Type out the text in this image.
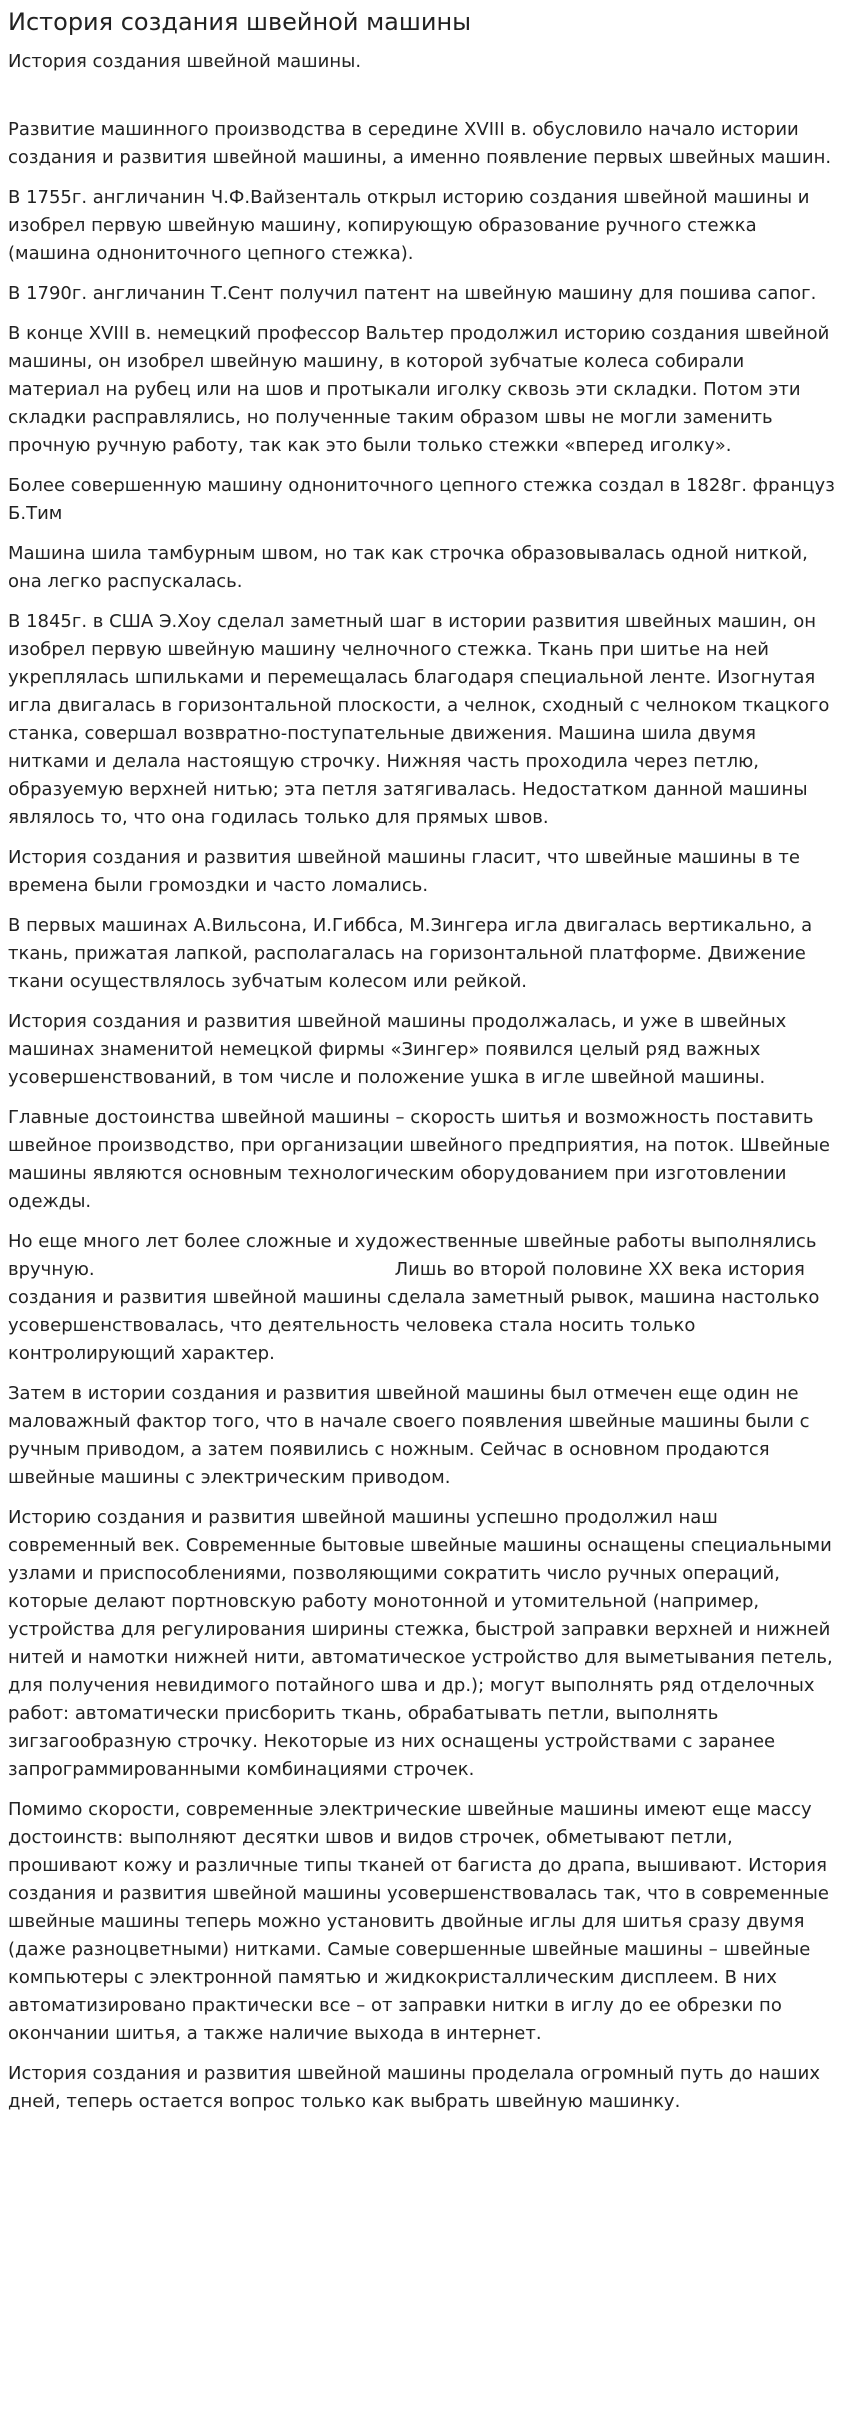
История создания швейной машины

История создания швейной машины.

Развитие машинного производства в середине XVIII в. обусловило начало истории создания и развития швейной машины, а именно появление первых швейных машин.

В 1755г. англичанин Ч.Ф.Вайзенталь открыл историю создания швейной машины и изобрел первую швейную машину, копирующую образование ручного стежка (машина однониточного цепного стежка).

В 1790г. англичанин Т.Сент получил патент на швейную машину для пошива сапог.

В конце XVIII в. немецкий профессор Вальтер продолжил историю создания швейной машины, он изобрел швейную машину, в которой зубчатые колеса собирали материал на рубец или на шов и протыкали иголку сквозь эти складки. Потом эти складки расправлялись, но полученные таким образом швы не могли заменить прочную ручную работу, так как это были только стежки «вперед иголку».

Более совершенную машину однониточного цепного стежка создал в 1828г. француз Б.Тим

Машина шила тамбурным швом, но так как строчка образовывалась одной ниткой, она легко распускалась.

В 1845г. в США Э.Хоу сделал заметный шаг в истории развития швейных машин, он изобрел первую швейную машину челночного стежка. Ткань при шитье на ней укреплялась шпильками и перемещалась благодаря специальной ленте. Изогнутая игла двигалась в горизонтальной плоскости, а челнок, сходный с челноком ткацкого станка, совершал возвратно-поступательные движения. Машина шила двумя нитками и делала настоящую строчку. Нижняя часть проходила через петлю, образуемую верхней нитью; эта петля затягивалась. Недостатком данной машины являлось то, что она годилась только для прямых швов.

История создания и развития швейной машины гласит, что швейные машины в те времена были громоздки и часто ломались.

В первых машинах А.Вильсона, И.Гиббса, М.Зингера игла двигалась вертикально, а ткань, прижатая лапкой, располагалась на горизонтальной платформе. Движение ткани осуществлялось зубчатым колесом или рейкой.

История создания и развития швейной машины продолжалась, и уже в швейных машинах знаменитой немецкой фирмы «Зингер» появился целый ряд важных усовершенствований, в том числе и положение ушка в игле швейной машины.

Главные достоинства швейной машины – скорость шитья и возможность поставить швейное производство, при организации швейного предприятия, на поток. Швейные машины являются основным технологическим оборудованием при изготовлении одежды.

Но еще много лет более сложные и художественные швейные работы выполнялись вручную.	Лишь во второй половине XX века история создания и развития швейной машины сделала заметный рывок, машина настолько усовершенствовалась, что деятельность человека стала носить только контролирующий характер.

Затем в истории создания и развития швейной машины был отмечен еще один не маловажный фактор того, что в начале своего появления швейные машины были с ручным приводом, а затем появились с ножным. Сейчас в основном продаются швейные машины с электрическим приводом.

Историю создания и развития швейной машины успешно продолжил наш современный век. Современные бытовые швейные машины оснащены специальными узлами и приспособлениями, позволяющими сократить число ручных операций, которые делают портновскую работу монотонной и утомительной (например, устройства для регулирования ширины стежка, быстрой заправки верхней и нижней нитей и намотки нижней нити, автоматическое устройство для выметывания петель, для получения невидимого потайного шва и др.); могут выполнять ряд отделочных работ: автоматически присборить ткань, обрабатывать петли, выполнять зигзагообразную строчку. Некоторые из них оснащены устройствами с заранее запрограммированными комбинациями строчек.

Помимо скорости, современные электрические швейные машины имеют еще массу достоинств: выполняют десятки швов и видов строчек, обметывают петли, прошивают кожу и различные типы тканей от багиста до драпа, вышивают. История создания и развития швейной машины усовершенствовалась так, что в современные швейные машины теперь можно установить двойные иглы для шитья сразу двумя (даже разноцветными) нитками. Самые совершенные швейные машины – швейные компьютеры с электронной памятью и жидкокристаллическим дисплеем. В них автоматизировано практически все – от заправки нитки в иглу до ее обрезки по окончании шитья, а также наличие выхода в интернет.

История создания и развития швейной машины проделала огромный путь до наших дней, теперь остается вопрос только как выбрать швейную машинку.
